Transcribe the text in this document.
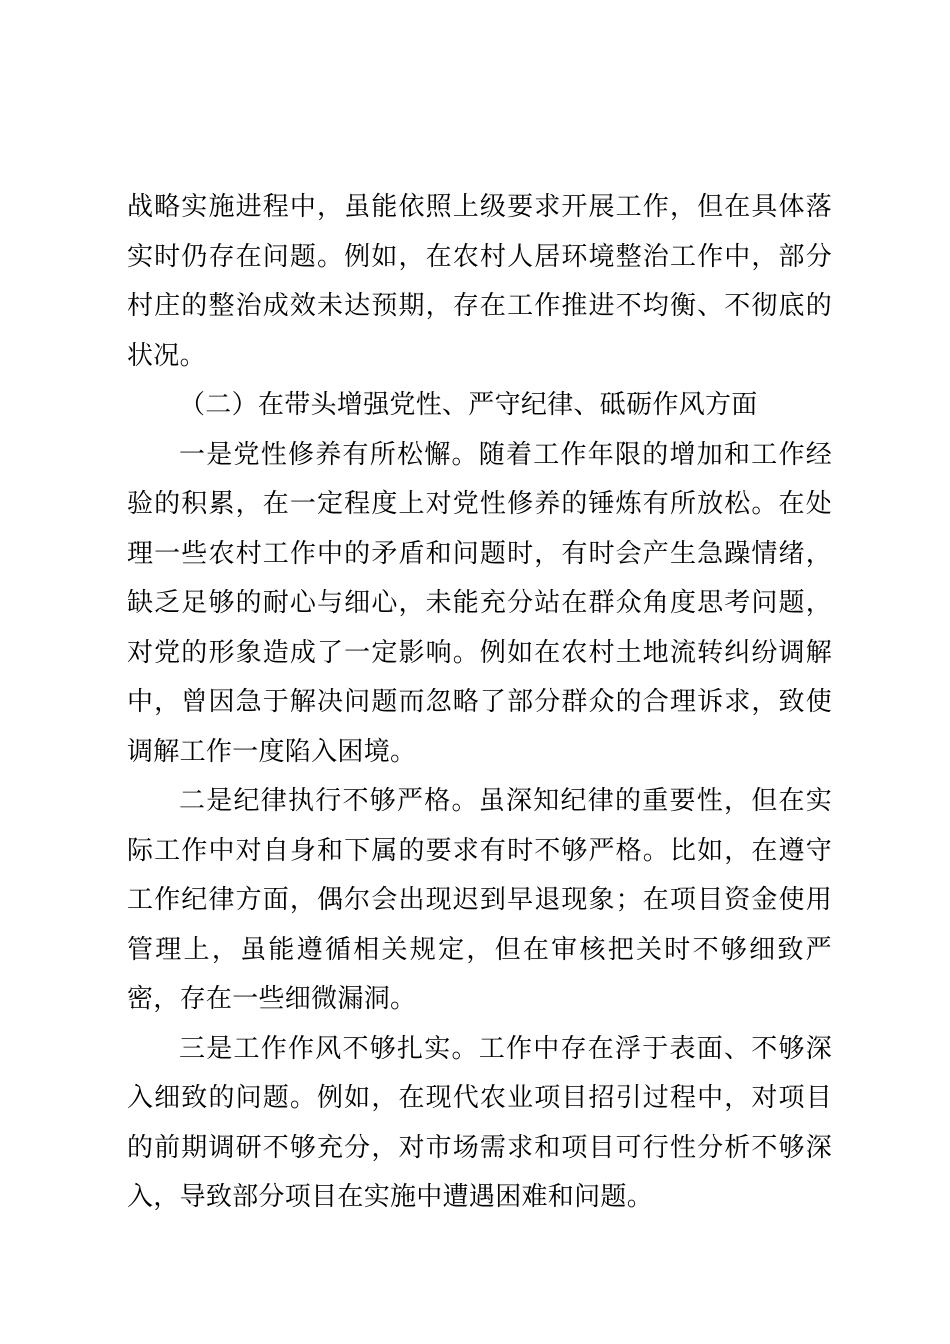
战略实施进程中，虽能依照上级要求开展工作，但在具体落实时仍存在问题。例如，在农村人居环境整治工作中，部分村庄的整治成效未达预期，存在工作推进不均衡、不彻底的状况。

（二）在带头增强党性、严守纪律、砥砺作风方面

一是党性修养有所松懈。随着工作年限的增加和工作经验的积累，在一定程度上对党性修养的锤炼有所放松。在处理一些农村工作中的矛盾和问题时，有时会产生急躁情绪，缺乏足够的耐心与细心，未能充分站在群众角度思考问题，对党的形象造成了一定影响。例如在农村土地流转纠纷调解中，曾因急于解决问题而忽略了部分群众的合理诉求，致使调解工作一度陷入困境。

二是纪律执行不够严格。虽深知纪律的重要性，但在实际工作中对自身和下属的要求有时不够严格。比如，在遵守工作纪律方面，偶尔会出现迟到早退现象；在项目资金使用管理上，虽能遵循相关规定，但在审核把关时不够细致严密，存在一些细微漏洞。

三是工作作风不够扎实。工作中存在浮于表面、不够深入细致的问题。例如，在现代农业项目招引过程中，对项目的前期调研不够充分，对市场需求和项目可行性分析不够深入，导致部分项目在实施中遭遇困难和问题。
